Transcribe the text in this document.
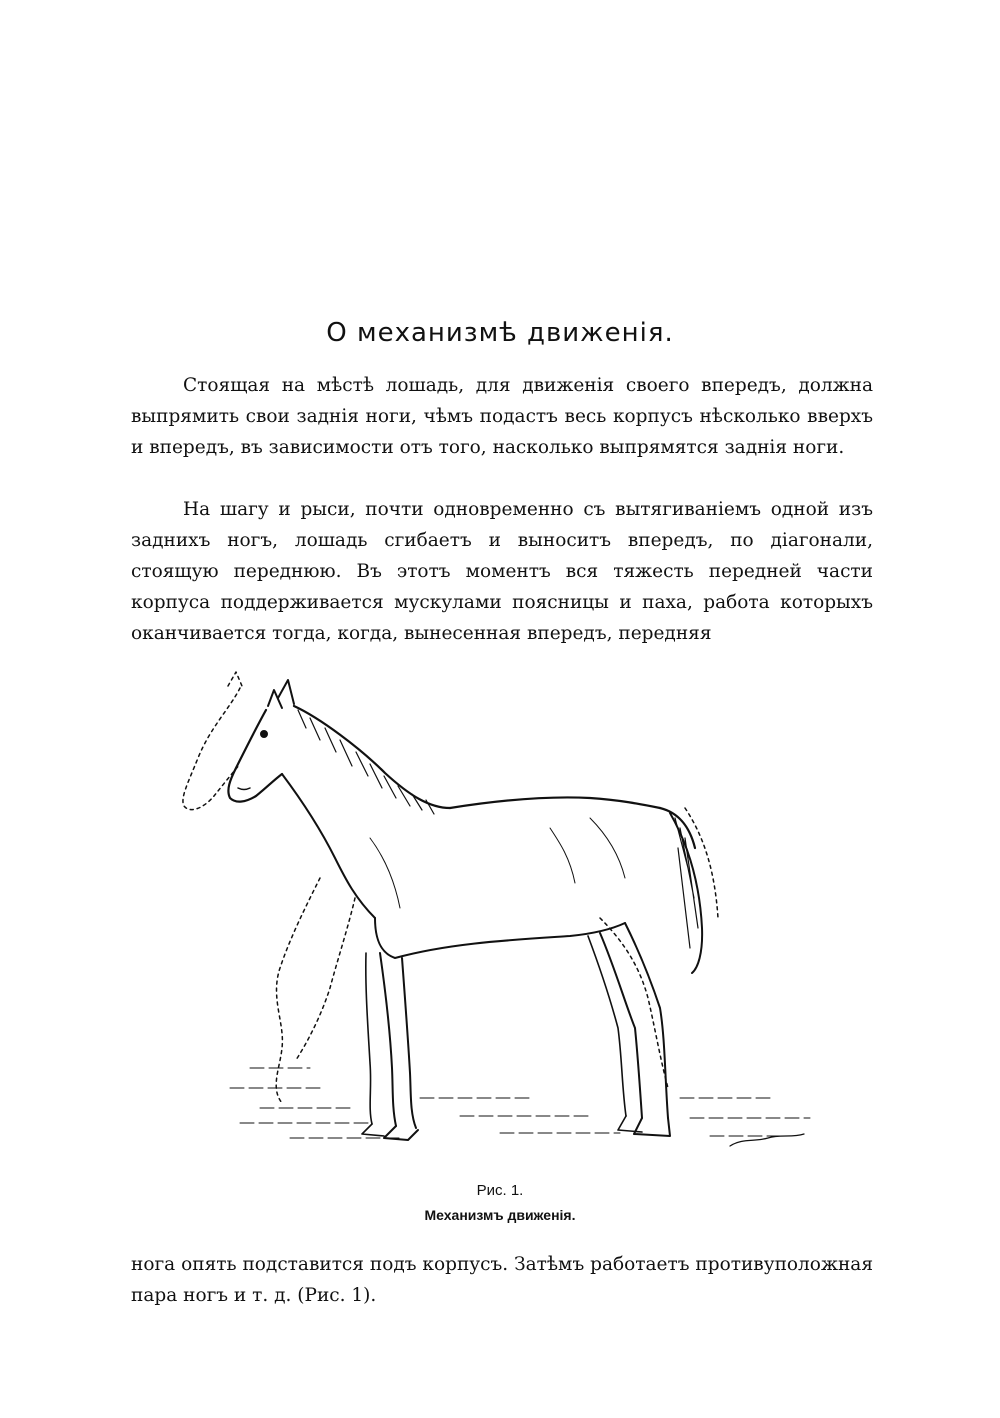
О механизмѣ движенія.

Стоящая на мѣстѣ лошадь, для движенія своего впередъ, должна выпрямить свои заднія ноги, чѣмъ подастъ весь корпусъ нѣсколько вверхъ и впередъ, въ зависимости отъ того, насколько выпрямятся заднія ноги.

На шагу и рыси, почти одновременно съ вытягиваніемъ одной изъ заднихъ ногъ, лошадь сгибаетъ и выноситъ впередъ, по діагонали, стоящую переднюю. Въ этотъ моментъ вся тяжесть передней части корпуса поддерживается мускулами поясницы и паха, работа которыхъ оканчивается тогда, когда, вынесенная впередъ, передняя

Рис. 1.
Механизмъ движенія.

нога опять подставится подъ корпусъ. Затѣмъ работаетъ противуположная пара ногъ и т. д. (Рис. 1).
